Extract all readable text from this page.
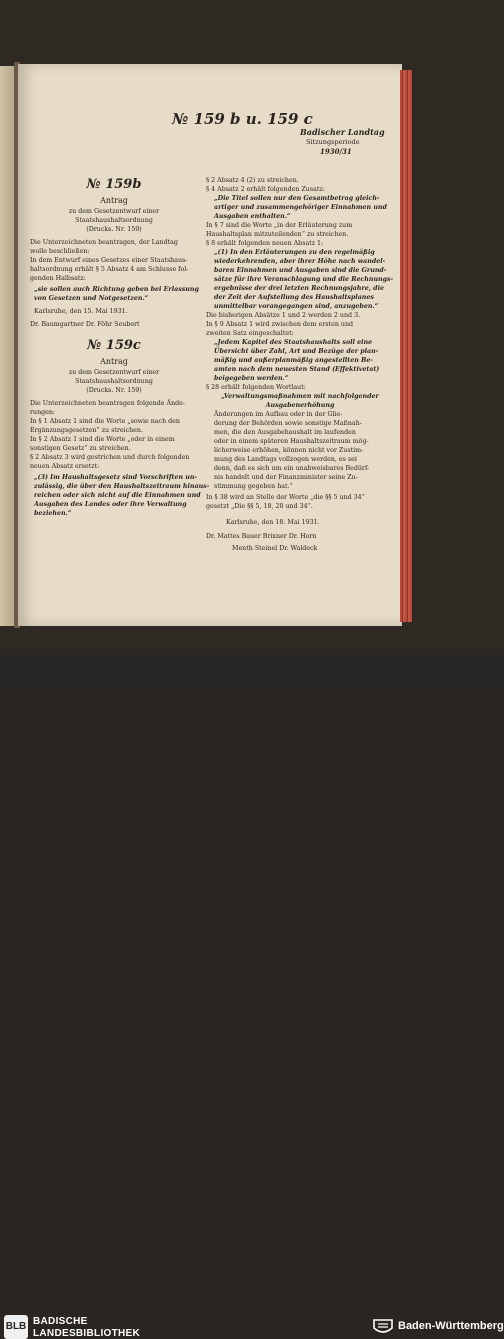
№ 159 b u. 159 c
Badischer Landtag
Sitzungsperiode
1930/31
№ 159b
Antrag
zu dem Gesetzentwurf einer
Staatshaushaltsordnung
(Drucks. Nr. 159)
Die Unterzeichneten beantragen, der Landtag
wolle beschließen:
In dem Entwurf eines Gesetzes einer Staatshaus-
haltsordnung erhält § 5 Absatz 4 am Schlusse fol-
genden Halbsatz:
„sie sollen auch Richtung geben bei Erlassung
von Gesetzen und Notgesetzen.“
Karlsruhe, den 15. Mai 1931.
Dr. Baumgartner Dr. Föhr Seubert
№ 159c
Antrag
zu dem Gesetzentwurf einer
Staatshaushaltsordnung
(Drucks. Nr. 159)
Die Unterzeichneten beantragen folgende Ände-
rungen:
In § 1 Absatz 1 sind die Worte „sowie nach den
Ergänzungsgesetzen“ zu streichen.
In § 2 Absatz 1 sind die Worte „oder in einem
sonstigen Gesetz“ zu streichen.
§ 2 Absatz 3 wird gestrichen und durch folgenden
neuen Absatz ersetzt:
„(3) Im Haushaltsgesetz sind Vorschriften un-
zulässig, die über den Haushaltszeitraum hinaus-
reichen oder sich nicht auf die Einnahmen und
Ausgaben des Landes oder ihre Verwaltung
beziehen.“
§ 2 Absatz 4 (2) zu streichen.
§ 4 Absatz 2 erhält folgenden Zusatz:
„Die Titel sollen nur den Gesamtbetrag gleich-
artiger und zusammengehöriger Einnahmen und
Ausgaben enthalten.“
In § 7 sind die Worte „in der Erläuterung zum
Haushaltsplan mitzuteilenden“ zu streichen.
§ 8 erhält folgenden neuen Absatz 1:
„(1) In den Erläuterungen zu den regelmäßig
wiederkehrenden, aber ihrer Höhe nach wandel-
baren Einnahmen und Ausgaben sind die Grund-
sätze für ihre Veranschlagung und die Rechnungs-
ergebnisse der drei letzten Rechnungsjahre, die
der Zeit der Aufstellung des Haushaltsplanes
unmittelbar vorangegangen sind, anzugeben.“
Die bisherigen Absätze 1 und 2 werden 2 und 3.
In § 9 Absatz 1 wird zwischen dem ersten und
zweiten Satz eingeschaltet:
„Jedem Kapitel des Staatshaushalts soll eine
Übersicht über Zahl, Art und Bezüge der plan-
mäßig und außerplanmäßig angestellten Be-
amten nach dem neuesten Stand (Effektivetat)
beigegeben werden.“
§ 28 erhält folgenden Wortlaut:
„Verwaltungsmaßnahmen mit nachfolgender
Ausgabenerhöhung
Änderungen im Aufbau oder in der Glie-
derung der Behörden sowie sonstige Maßnah-
men, die den Ausgabehaushalt im laufenden
oder in einem späteren Haushaltszeitraum mög-
licherweise erhöhen, können nicht vor Zustim-
mung des Landtags vollzogen werden, es sei
denn, daß es sich um ein unabweisbares Bedürf-
nis handelt und der Finanzminister seine Zu-
stimmung gegeben hat.“
In § 38 wird an Stelle der Worte „die §§ 5 und 34“
gesetzt „Die §§ 5, 18, 20 und 34“.
Karlsruhe, den 18. Mai 1931.
Dr. Mattes Bauer Brixner Dr. Horn
Menth Steinel Dr. Waldeck
BLB BADISCHE
LANDESBIBLIOTHEK
Baden-Württemberg
